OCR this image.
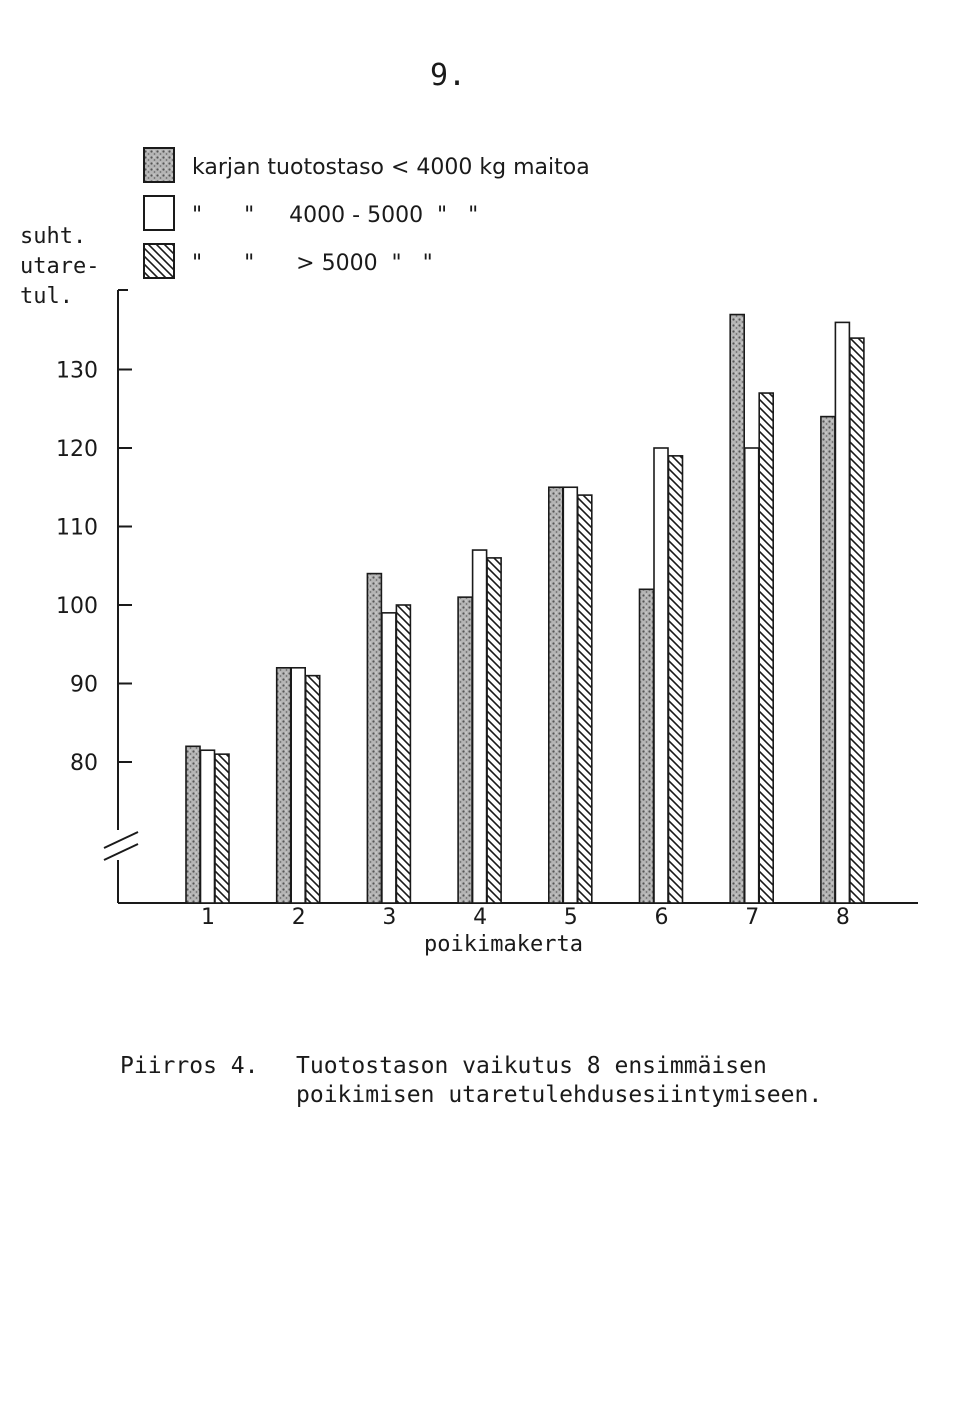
9.
suht.
utare-
tul.
karjan tuotostaso < 4000 kg maitoa
"      "     4000 - 5000  "   "
"      "      > 5000  "   "
1	2	3	4	5	6	7	8
80
90
100
110
120
130
poikimakerta
Piirros 4. Tuotostason vaikutus 8 ensimmäisen poikimisen utaretulehdusesiintymiseen.
